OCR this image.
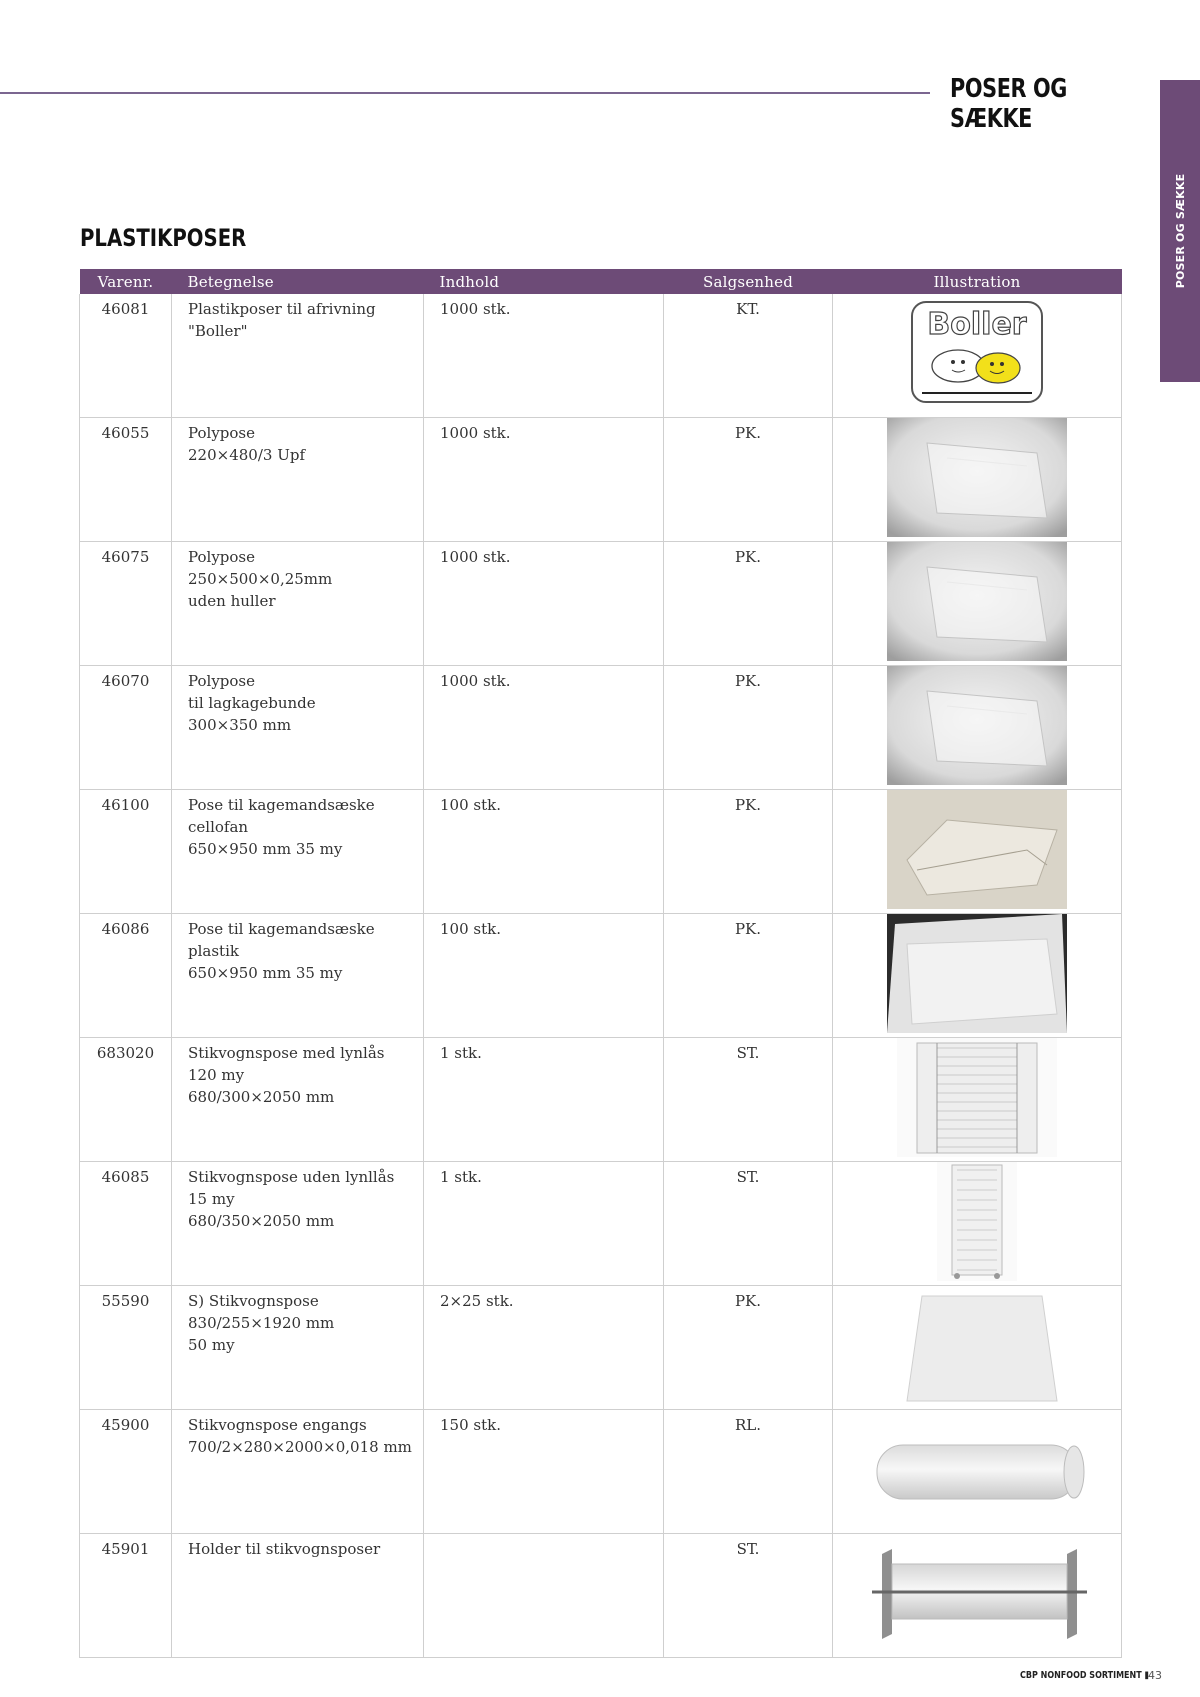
POSER OG SÆKKE
POSER OG SÆKKE
PLASTIKPOSER
Varenr.	Betegnelse	Indhold	Salgsenhed	Illustration
46081	Plastikposer til afrivning
"Boller"	1000 stk.	KT.	Boller

46055	Polypose
220×480/3 Upf	1000 stk.	PK.	

46075	Polypose
250×500×0,25mm
uden huller	1000 stk.	PK.	

46070	Polypose
til lagkagebunde
300×350 mm	1000 stk.	PK.	

46100	Pose til kagemandsæske
cellofan
650×950 mm 35 my	100 stk.	PK.	

46086	Pose til kagemandsæske plastik
650×950 mm 35 my	100 stk.	PK.	

683020	Stikvognspose med lynlås
120 my
680/300×2050 mm	1 stk.	ST.	

46085	Stikvognspose uden lynllås
15 my
680/350×2050 mm	1 stk.	ST.	

55590	S) Stikvognspose
830/255×1920 mm
50 my	2×25 stk.	PK.	

45900	Stikvognspose engangs
700/2×280×2000×0,018 mm	150 stk.	RL.	

45901	Holder til stikvognsposer		ST.	
CBP NONFOOD SORTIMENT ▮ 43
